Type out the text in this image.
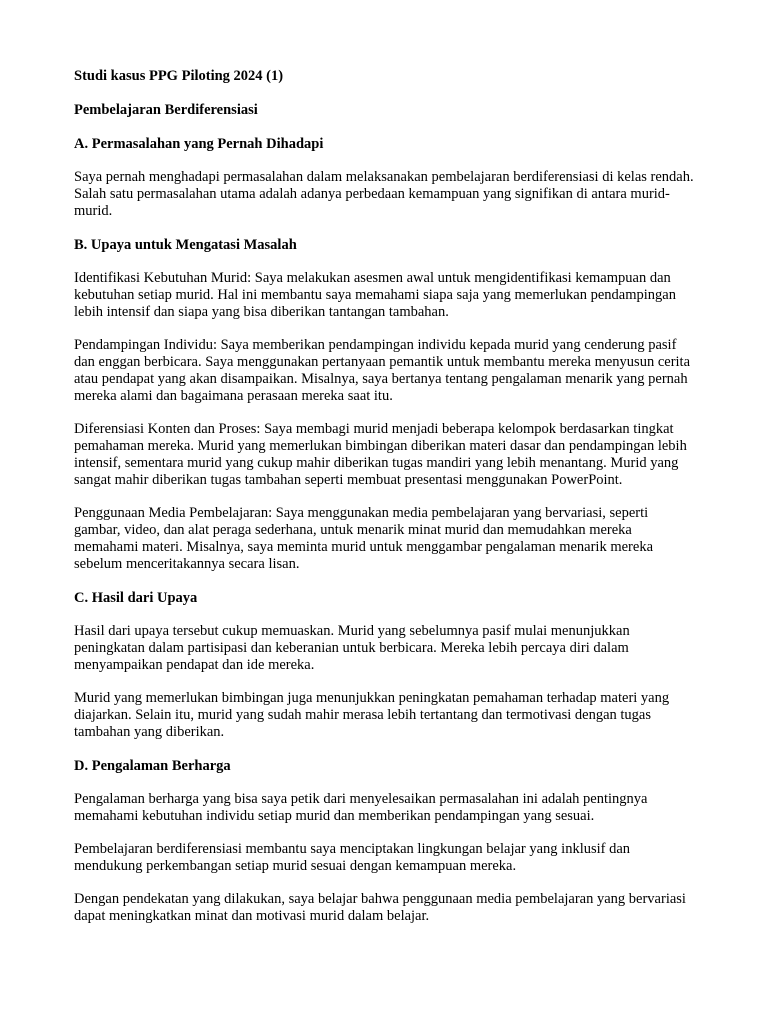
Studi kasus PPG Piloting 2024 (1)

Pembelajaran Berdiferensiasi

A. Permasalahan yang Pernah Dihadapi

Saya pernah menghadapi permasalahan dalam melaksanakan pembelajaran berdiferensiasi di kelas rendah. Salah satu permasalahan utama adalah adanya perbedaan kemampuan yang signifikan di antara murid-murid.

B. Upaya untuk Mengatasi Masalah

Identifikasi Kebutuhan Murid: Saya melakukan asesmen awal untuk mengidentifikasi kemampuan dan kebutuhan setiap murid. Hal ini membantu saya memahami siapa saja yang memerlukan pendampingan lebih intensif dan siapa yang bisa diberikan tantangan tambahan.

Pendampingan Individu: Saya memberikan pendampingan individu kepada murid yang cenderung pasif dan enggan berbicara. Saya menggunakan pertanyaan pemantik untuk membantu mereka menyusun cerita atau pendapat yang akan disampaikan. Misalnya, saya bertanya tentang pengalaman menarik yang pernah mereka alami dan bagaimana perasaan mereka saat itu.

Diferensiasi Konten dan Proses: Saya membagi murid menjadi beberapa kelompok berdasarkan tingkat pemahaman mereka. Murid yang memerlukan bimbingan diberikan materi dasar dan pendampingan lebih intensif, sementara murid yang cukup mahir diberikan tugas mandiri yang lebih menantang. Murid yang sangat mahir diberikan tugas tambahan seperti membuat presentasi menggunakan PowerPoint.

Penggunaan Media Pembelajaran: Saya menggunakan media pembelajaran yang bervariasi, seperti gambar, video, dan alat peraga sederhana, untuk menarik minat murid dan memudahkan mereka memahami materi. Misalnya, saya meminta murid untuk menggambar pengalaman menarik mereka sebelum menceritakannya secara lisan.

C. Hasil dari Upaya

Hasil dari upaya tersebut cukup memuaskan. Murid yang sebelumnya pasif mulai menunjukkan peningkatan dalam partisipasi dan keberanian untuk berbicara. Mereka lebih percaya diri dalam menyampaikan pendapat dan ide mereka.

Murid yang memerlukan bimbingan juga menunjukkan peningkatan pemahaman terhadap materi yang diajarkan. Selain itu, murid yang sudah mahir merasa lebih tertantang dan termotivasi dengan tugas tambahan yang diberikan.

D. Pengalaman Berharga

Pengalaman berharga yang bisa saya petik dari menyelesaikan permasalahan ini adalah pentingnya memahami kebutuhan individu setiap murid dan memberikan pendampingan yang sesuai.

Pembelajaran berdiferensiasi membantu saya menciptakan lingkungan belajar yang inklusif dan mendukung perkembangan setiap murid sesuai dengan kemampuan mereka.

Dengan pendekatan yang dilakukan, saya belajar bahwa penggunaan media pembelajaran yang bervariasi dapat meningkatkan minat dan motivasi murid dalam belajar.
